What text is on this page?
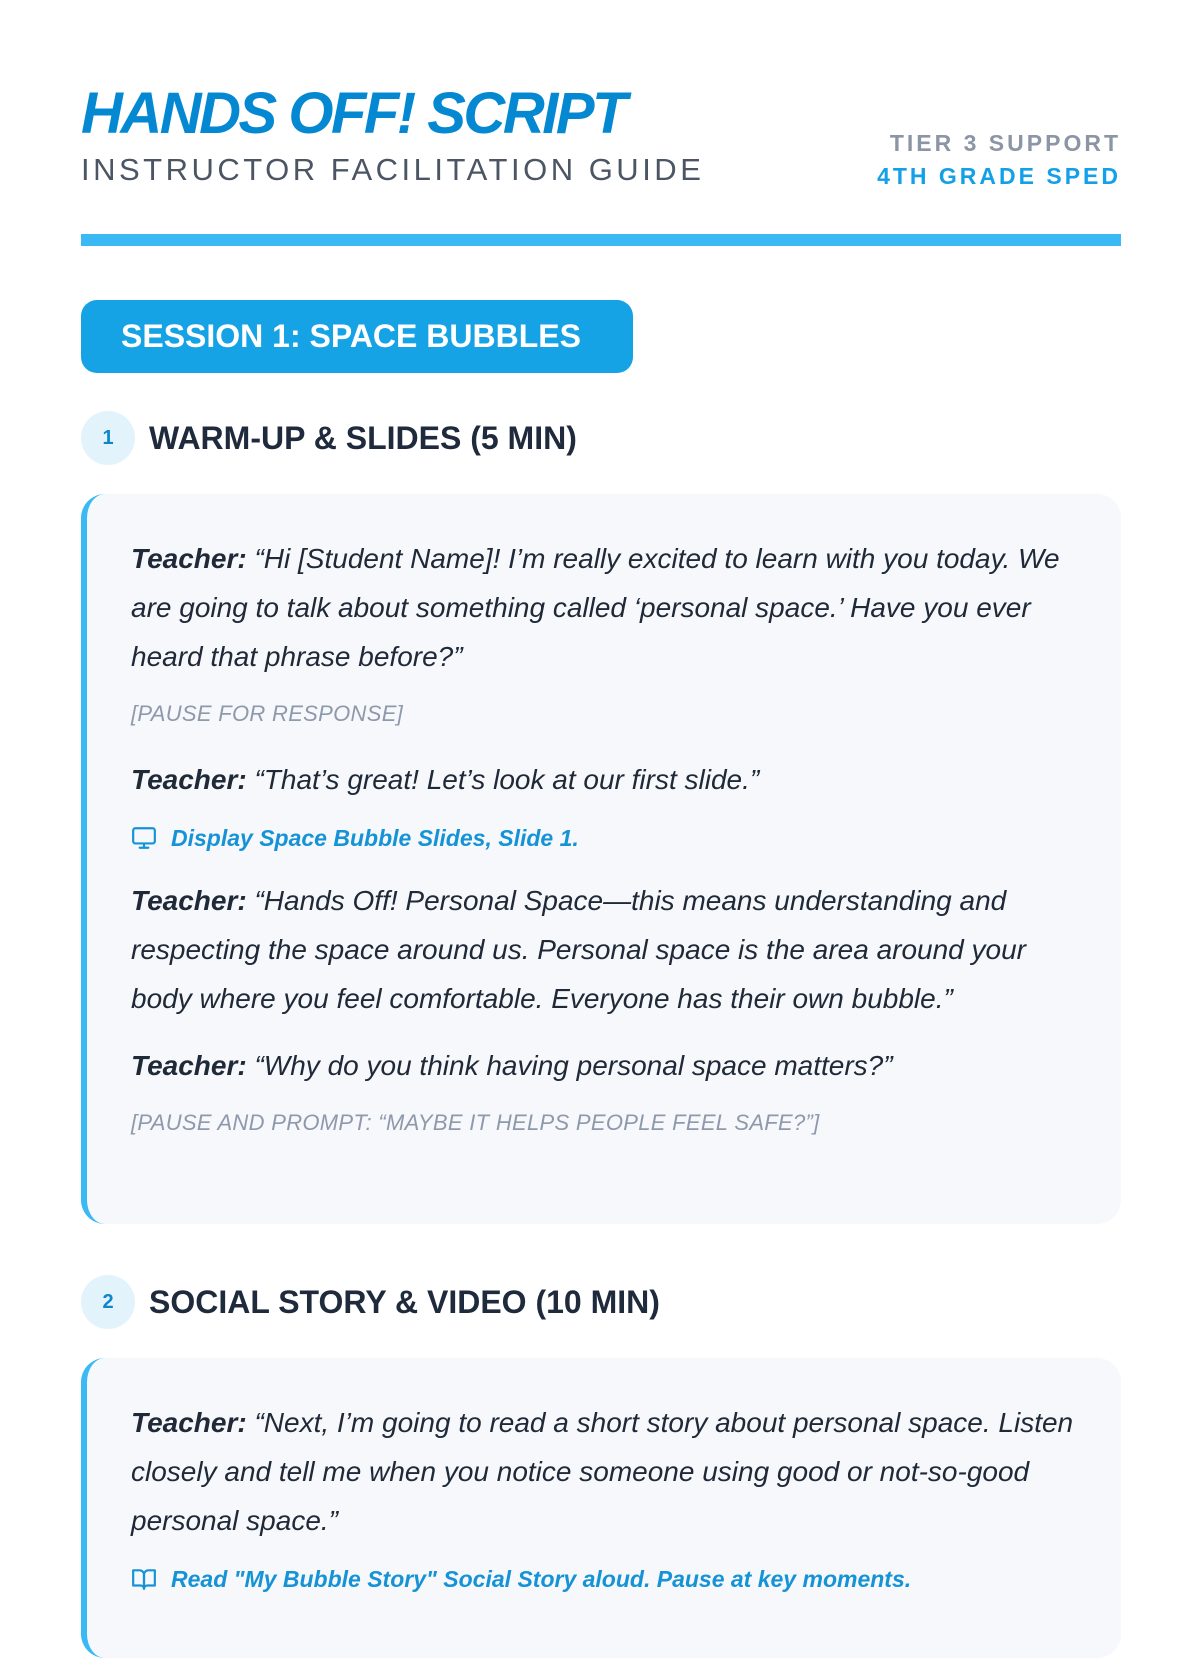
HANDS OFF! SCRIPT
INSTRUCTOR FACILITATION GUIDE
TIER 3 SUPPORT
4TH GRADE SPED
SESSION 1: SPACE BUBBLES
1	WARM-UP & SLIDES (5 MIN)

Teacher: “Hi [Student Name]! I’m really excited to learn with you today. We are going to talk about something called ‘personal space.’ Have you ever heard that phrase before?”

[PAUSE FOR RESPONSE]

Teacher: “That’s great! Let’s look at our first slide.”

Display Space Bubble Slides, Slide 1.

Teacher: “Hands Off! Personal Space—this means understanding and respecting the space around us. Personal space is the area around your body where you feel comfortable. Everyone has their own bubble.”

Teacher: “Why do you think having personal space matters?”

[PAUSE AND PROMPT: “MAYBE IT HELPS PEOPLE FEEL SAFE?”]
2	SOCIAL STORY & VIDEO (10 MIN)

Teacher: “Next, I’m going to read a short story about personal space. Listen closely and tell me when you notice someone using good or not-so-good personal space.”

Read "My Bubble Story" Social Story aloud. Pause at key moments.
